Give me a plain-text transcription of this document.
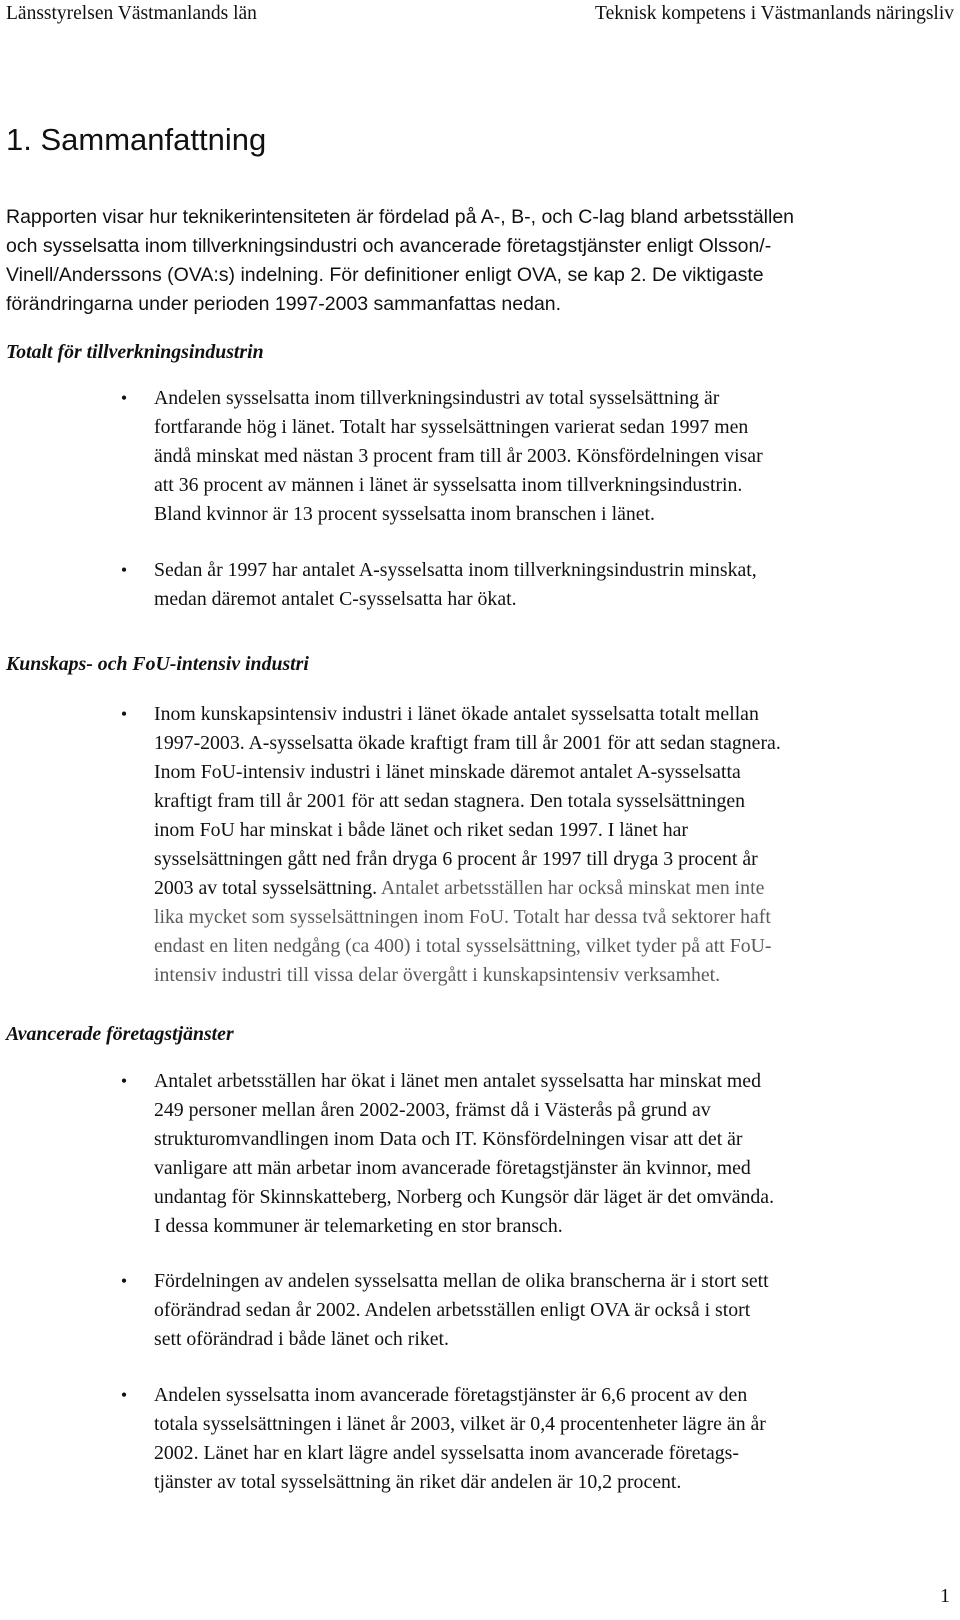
Länsstyrelsen Västmanlands län	Teknisk kompetens i Västmanlands näringsliv
1. Sammanfattning

Rapporten visar hur teknikerintensiteten är fördelad på A-, B-, och C-lag bland arbetsställen
och sysselsatta inom tillverkningsindustri och avancerade företagstjänster enligt Olsson/-
Vinell/Anderssons (OVA:s) indelning. För definitioner enligt OVA, se kap 2. De viktigaste
förändringarna under perioden 1997-2003 sammanfattas nedan.

Totalt för tillverkningsindustrin
•	Andelen sysselsatta inom tillverkningsindustri av total sysselsättning är
fortfarande hög i länet. Totalt har sysselsättningen varierat sedan 1997 men
ändå minskat med nästan 3 procent fram till år 2003. Könsfördelningen visar
att 36 procent av männen i länet är sysselsatta inom tillverkningsindustrin.
Bland kvinnor är 13 procent sysselsatta inom branschen i länet.
•	Sedan år 1997 har antalet A-sysselsatta inom tillverkningsindustrin minskat,
medan däremot antalet C-sysselsatta har ökat.
Kunskaps- och FoU-intensiv industri
•	Inom kunskapsintensiv industri i länet ökade antalet sysselsatta totalt mellan
1997-2003. A-sysselsatta ökade kraftigt fram till år 2001 för att sedan stagnera.
Inom FoU-intensiv industri i länet minskade däremot antalet A-sysselsatta
kraftigt fram till år 2001 för att sedan stagnera. Den totala sysselsättningen
inom FoU har minskat i både länet och riket sedan 1997. I länet har
sysselsättningen gått ned från dryga 6 procent år 1997 till dryga 3 procent år
2003 av total sysselsättning. Antalet arbetsställen har också minskat men inte
lika mycket som sysselsättningen inom FoU. Totalt har dessa två sektorer haft
endast en liten nedgång (ca 400) i total sysselsättning, vilket tyder på att FoU-
intensiv industri till vissa delar övergått i kunskapsintensiv verksamhet.
Avancerade företagstjänster
•	Antalet arbetsställen har ökat i länet men antalet sysselsatta har minskat med
249 personer mellan åren 2002-2003, främst då i Västerås på grund av
strukturomvandlingen inom Data och IT. Könsfördelningen visar att det är
vanligare att män arbetar inom avancerade företagstjänster än kvinnor, med
undantag för Skinnskatteberg, Norberg och Kungsör där läget är det omvända.
I dessa kommuner är telemarketing en stor bransch.
•	Fördelningen av andelen sysselsatta mellan de olika branscherna är i stort sett
oförändrad sedan år 2002. Andelen arbetsställen enligt OVA är också i stort
sett oförändrad i både länet och riket.
•	Andelen sysselsatta inom avancerade företagstjänster är 6,6 procent av den
totala sysselsättningen i länet år 2003, vilket är 0,4 procentenheter lägre än år
2002. Länet har en klart lägre andel sysselsatta inom avancerade företags-
tjänster av total sysselsättning än riket där andelen är 10,2 procent.
1
